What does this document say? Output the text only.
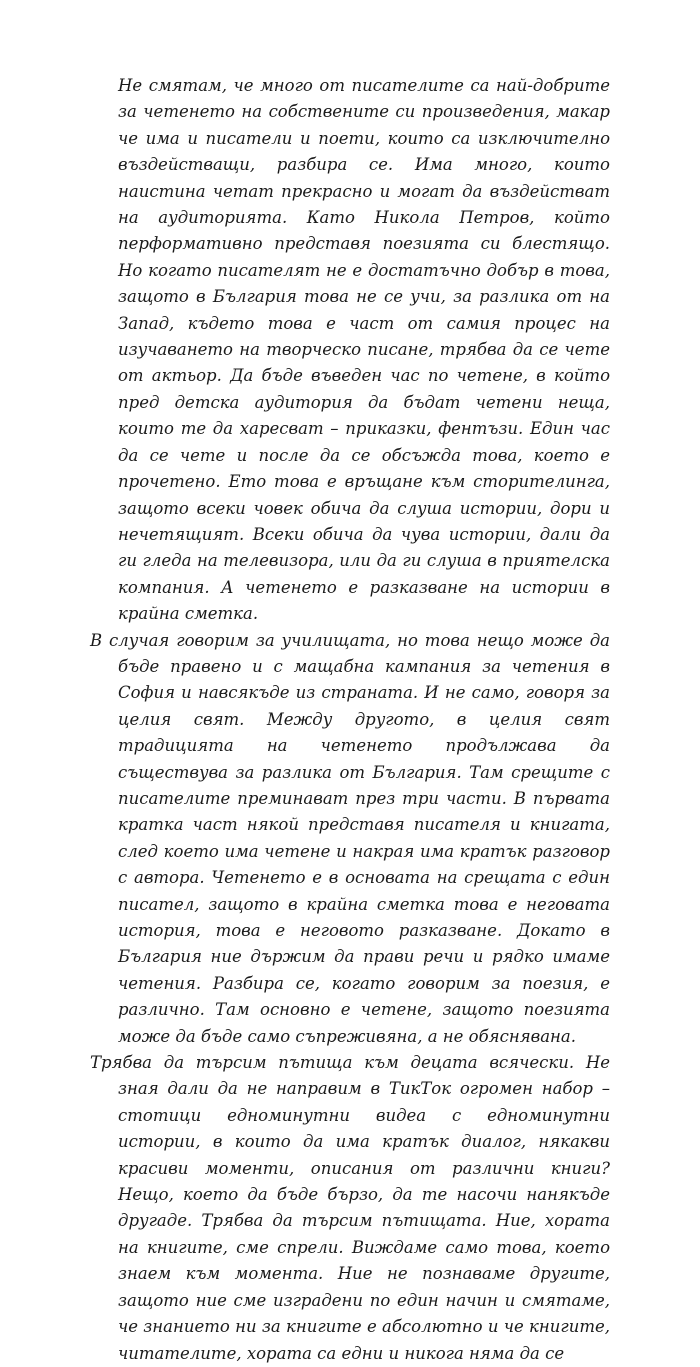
Не смятам, че много от писателите са най-добрите за четенето на собствените си произведения, макар че има и писатели и поети, които са изключително въздействащи, разбира се. Има много, които наистина четат прекрасно и могат да въздействат на аудиторията. Като Никола Петров, който перформативно представя поезията си блестящо. Но когато писателят не е достатъчно добър в това, защото в България това не се учи, за разлика от на Запад, където това е част от самия процес на изучаването на творческо писане, трябва да се чете от актьор. Да бъде въведен час по четене, в който пред детска аудитория да бъдат четени неща, които те да харесват – приказки, фентъзи. Един час да се чете и после да се обсъжда това, което е прочетено. Ето това е връщане към сторителинга, защото всеки човек обича да слуша истории, дори и нечетящият. Всеки обича да чува истории, дали да ги гледа на телевизора, или да ги слуша в приятелска компания. А четенето е разказване на истории в крайна сметка.

В случая говорим за училищата, но това нещо може да бъде правено и с мащабна кампания за четения в София и навсякъде из страната. И не само, говоря за целия свят. Между другото, в целия свят традицията на четенето продължава да съществува за разлика от България. Там срещите с писателите преминават през три части. В първата кратка част някой представя писателя и книгата, след което има четене и накрая има кратък разговор с автора. Четенето е в основата на срещата с един писател, защото в крайна сметка това е неговата история, това е неговото разказване. Докато в България ние държим да прави речи и рядко имаме четения. Разбира се, когато говорим за поезия, е различно. Там основно е четене, защото поезията може да бъде само съпреживяна, а не обяснявана.

Трябва да търсим пътища към децата всячески. Не зная дали да не направим в ТикТок огромен набор – стотици едноминутни видеа с едноминутни истории, в които да има кратък диалог, някакви красиви моменти, описания от различни книги? Нещо, което да бъде бързо, да те насочи нанякъде другаде. Трябва да търсим пътищата. Ние, хората на книгите, сме спрели. Виждаме само това, което знаем към момента. Ние не познаваме другите, защото ние сме изградени по един начин и смятаме, че знанието ни за книгите е абсолютно и че книгите, читателите, хората са едни и никога няма да се
